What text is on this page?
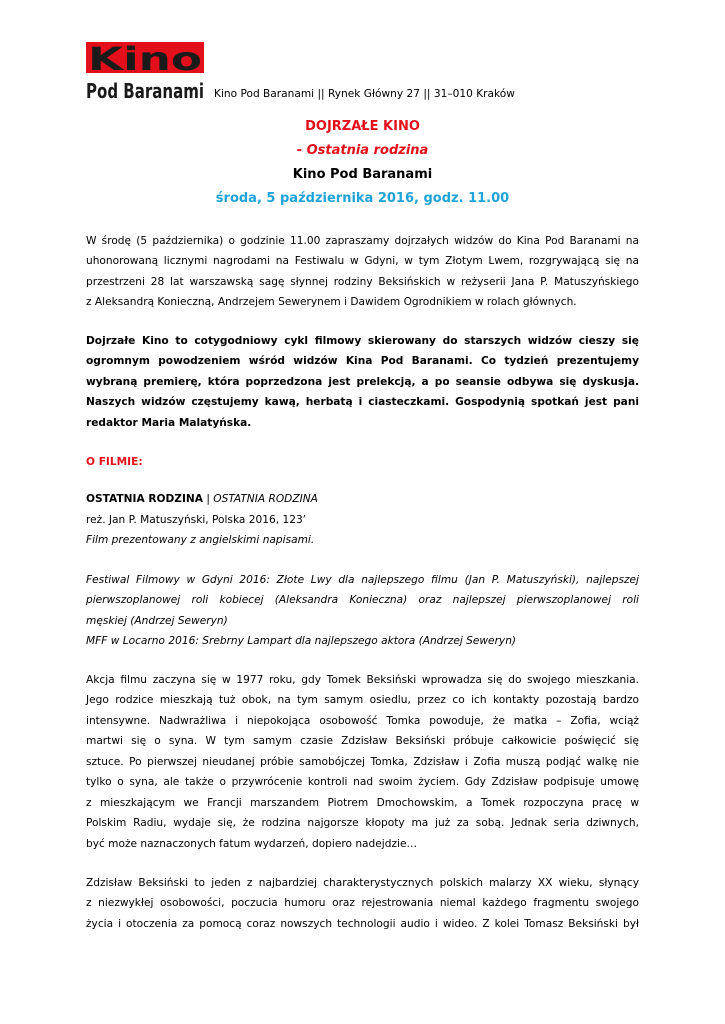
Kino
Pod Baranami Kino Pod Baranami || Rynek Główny 27 || 31–010 Kraków
DOJRZAŁE KINO
- Ostatnia rodzina
Kino Pod Baranami
środa, 5 października 2016, godz. 11.00
W środę (5 października) o godzinie 11.00 zapraszamy dojrzałych widzów do Kina Pod Baranami na
uhonorowaną licznymi nagrodami na Festiwalu w Gdyni, w tym Złotym Lwem, rozgrywającą się na
przestrzeni 28 lat warszawską sagę słynnej rodziny Beksińskich w reżyserii Jana P. Matuszyńskiego
z Aleksandrą Konieczną, Andrzejem Sewerynem i Dawidem Ogrodnikiem w rolach głównych.
Dojrzałe Kino to cotygodniowy cykl filmowy skierowany do starszych widzów cieszy się
ogromnym powodzeniem wśród widzów Kina Pod Baranami. Co tydzień prezentujemy
wybraną premierę, która poprzedzona jest prelekcją, a po seansie odbywa się dyskusja.
Naszych widzów częstujemy kawą, herbatą i ciasteczkami. Gospodynią spotkań jest pani
redaktor Maria Malatyńska.
O FILMIE:
OSTATNIA RODZINA | OSTATNIA RODZINA
reż. Jan P. Matuszyński, Polska 2016, 123’
Film prezentowany z angielskimi napisami.
Festiwal Filmowy w Gdyni 2016: Złote Lwy dla najlepszego filmu (Jan P. Matuszyński), najlepszej
pierwszoplanowej roli kobiecej (Aleksandra Konieczna) oraz najlepszej pierwszoplanowej roli
męskiej (Andrzej Seweryn)
MFF w Locarno 2016: Srebrny Lampart dla najlepszego aktora (Andrzej Seweryn)
Akcja filmu zaczyna się w 1977 roku, gdy Tomek Beksiński wprowadza się do swojego mieszkania.
Jego rodzice mieszkają tuż obok, na tym samym osiedlu, przez co ich kontakty pozostają bardzo
intensywne. Nadwrażliwa i niepokojąca osobowość Tomka powoduje, że matka – Zofia, wciąż
martwi się o syna. W tym samym czasie Zdzisław Beksiński próbuje całkowicie poświęcić się
sztuce. Po pierwszej nieudanej próbie samobójczej Tomka, Zdzisław i Zofia muszą podjąć walkę nie
tylko o syna, ale także o przywrócenie kontroli nad swoim życiem. Gdy Zdzisław podpisuje umowę
z mieszkającym we Francji marszandem Piotrem Dmochowskim, a Tomek rozpoczyna pracę w
Polskim Radiu, wydaje się, że rodzina najgorsze kłopoty ma już za sobą. Jednak seria dziwnych,
być może naznaczonych fatum wydarzeń, dopiero nadejdzie…
Zdzisław Beksiński to jeden z najbardziej charakterystycznych polskich malarzy XX wieku, słynący
z niezwykłej osobowości, poczucia humoru oraz rejestrowania niemal każdego fragmentu swojego
życia i otoczenia za pomocą coraz nowszych technologii audio i wideo. Z kolei Tomasz Beksiński był
